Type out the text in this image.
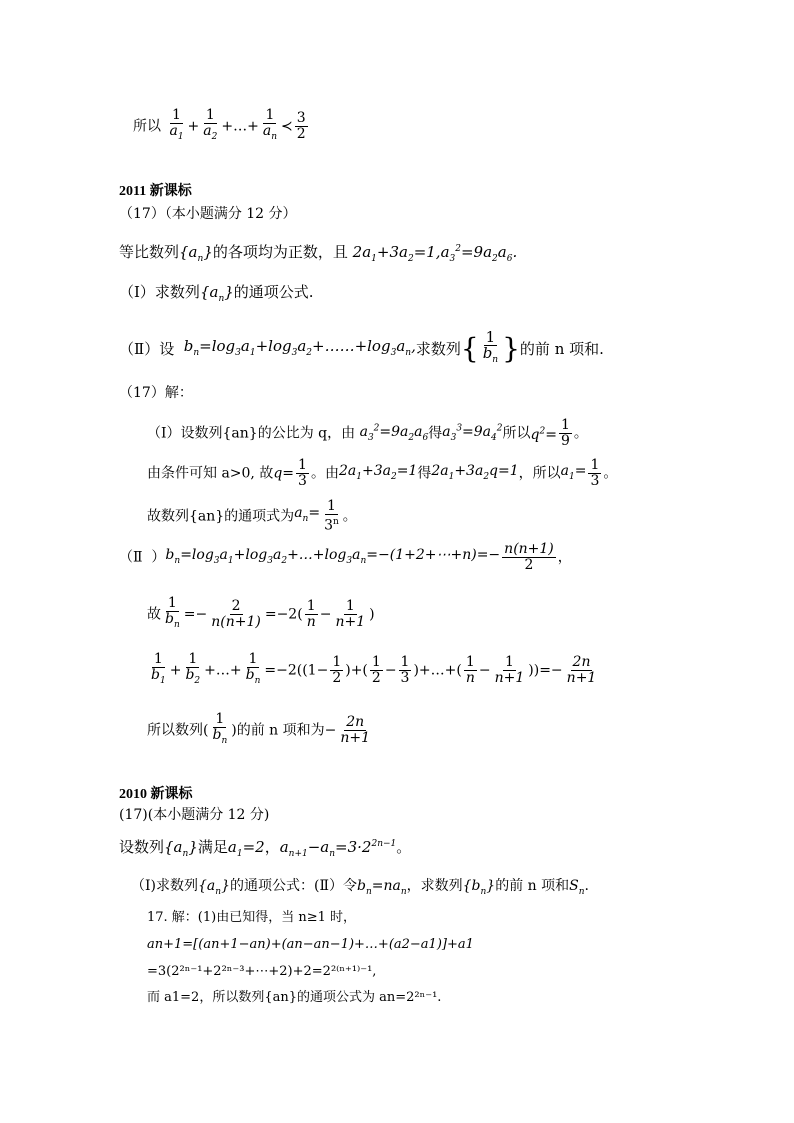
所以 $\frac{1}{a_1} + \frac{1}{a_2}$ +…+ $\frac{1}{a_n}$ ≺ $\frac{3}{2}$
2011 新课标
（17）（本小题满分 12 分）
等比数列$\{a_n\}$的各项均为正数，且 $2a_1+3a_2=1,a_3^2=9a_2a_6$.
（Ⅰ）求数列$\{a_n\}$的通项公式.
（Ⅱ）设  $b_n=\log_3a_1+\log_3a_2+\dots\dots+\log_3a_n$,求数列{ $\frac{1}{b_n}$ }的前 n 项和.
（17）解：
（Ⅰ）设数列{an}的公比为 q，由 $a_3^2=9a_2a_6$得$a_3^3=9a_4^2$所以$q^2= \frac{1}{9}$ 。
由条件可知 a>0, 故$q= \frac{1}{3}$ 。由$2a_1+3a_2=1$得$2a_1+3a_2q=1$，所以$a_1= \frac{1}{3}$ 。
故数列{an}的通项式为$a_n= \frac{1}{3^n}$ 。
（Ⅱ  ）$b_n=\log_3a_1+\log_3a_2+\dots+\log_3a_n=-(1+2+\cdots+n)=- \frac{n(n+1)}{2}$ ，
故 $\frac{1}{b_n} =- \frac{2}{n(n+1)} =-2( \frac{1}{n} - \frac{1}{n+1}$ )
$\frac{1}{b_1} + \frac{1}{b_2}$ +…+ $\frac{1}{b_n} =-2((1- \frac{1}{2}$ )+( $\frac{1}{2} - \frac{1}{3}$ )+…+( $\frac{1}{n} - \frac{1}{n+1}$ ))=− $\frac{2n}{n+1}$
所以数列( $\frac{1}{b_n}$ )的前 n 项和为− $\frac{2n}{n+1}$
2010 新课标
(17)(本小题满分 12 分)
设数列$\{a_n\}$满足$a_1=2$，$a_{n+1}-a_n=3\cdot 2^{2n-1}$。
（Ⅰ)求数列$\{a_n\}$的通项公式：(Ⅱ）令$b_n=na_n$，求数列$\{b_n\}$的前 n 项和$S_n$.
17. 解：(1)由已知得，当 n≥1 时，
an+1=[(an+1−an)+(an−an−1)+…+(a2−a1)]+a1
=3(2²ⁿ⁻¹+2²ⁿ⁻³+⋯+2)+2=2²⁽ⁿ⁺¹⁾⁻¹,
而 a1=2，所以数列{an}的通项公式为 an=2²ⁿ⁻¹.
